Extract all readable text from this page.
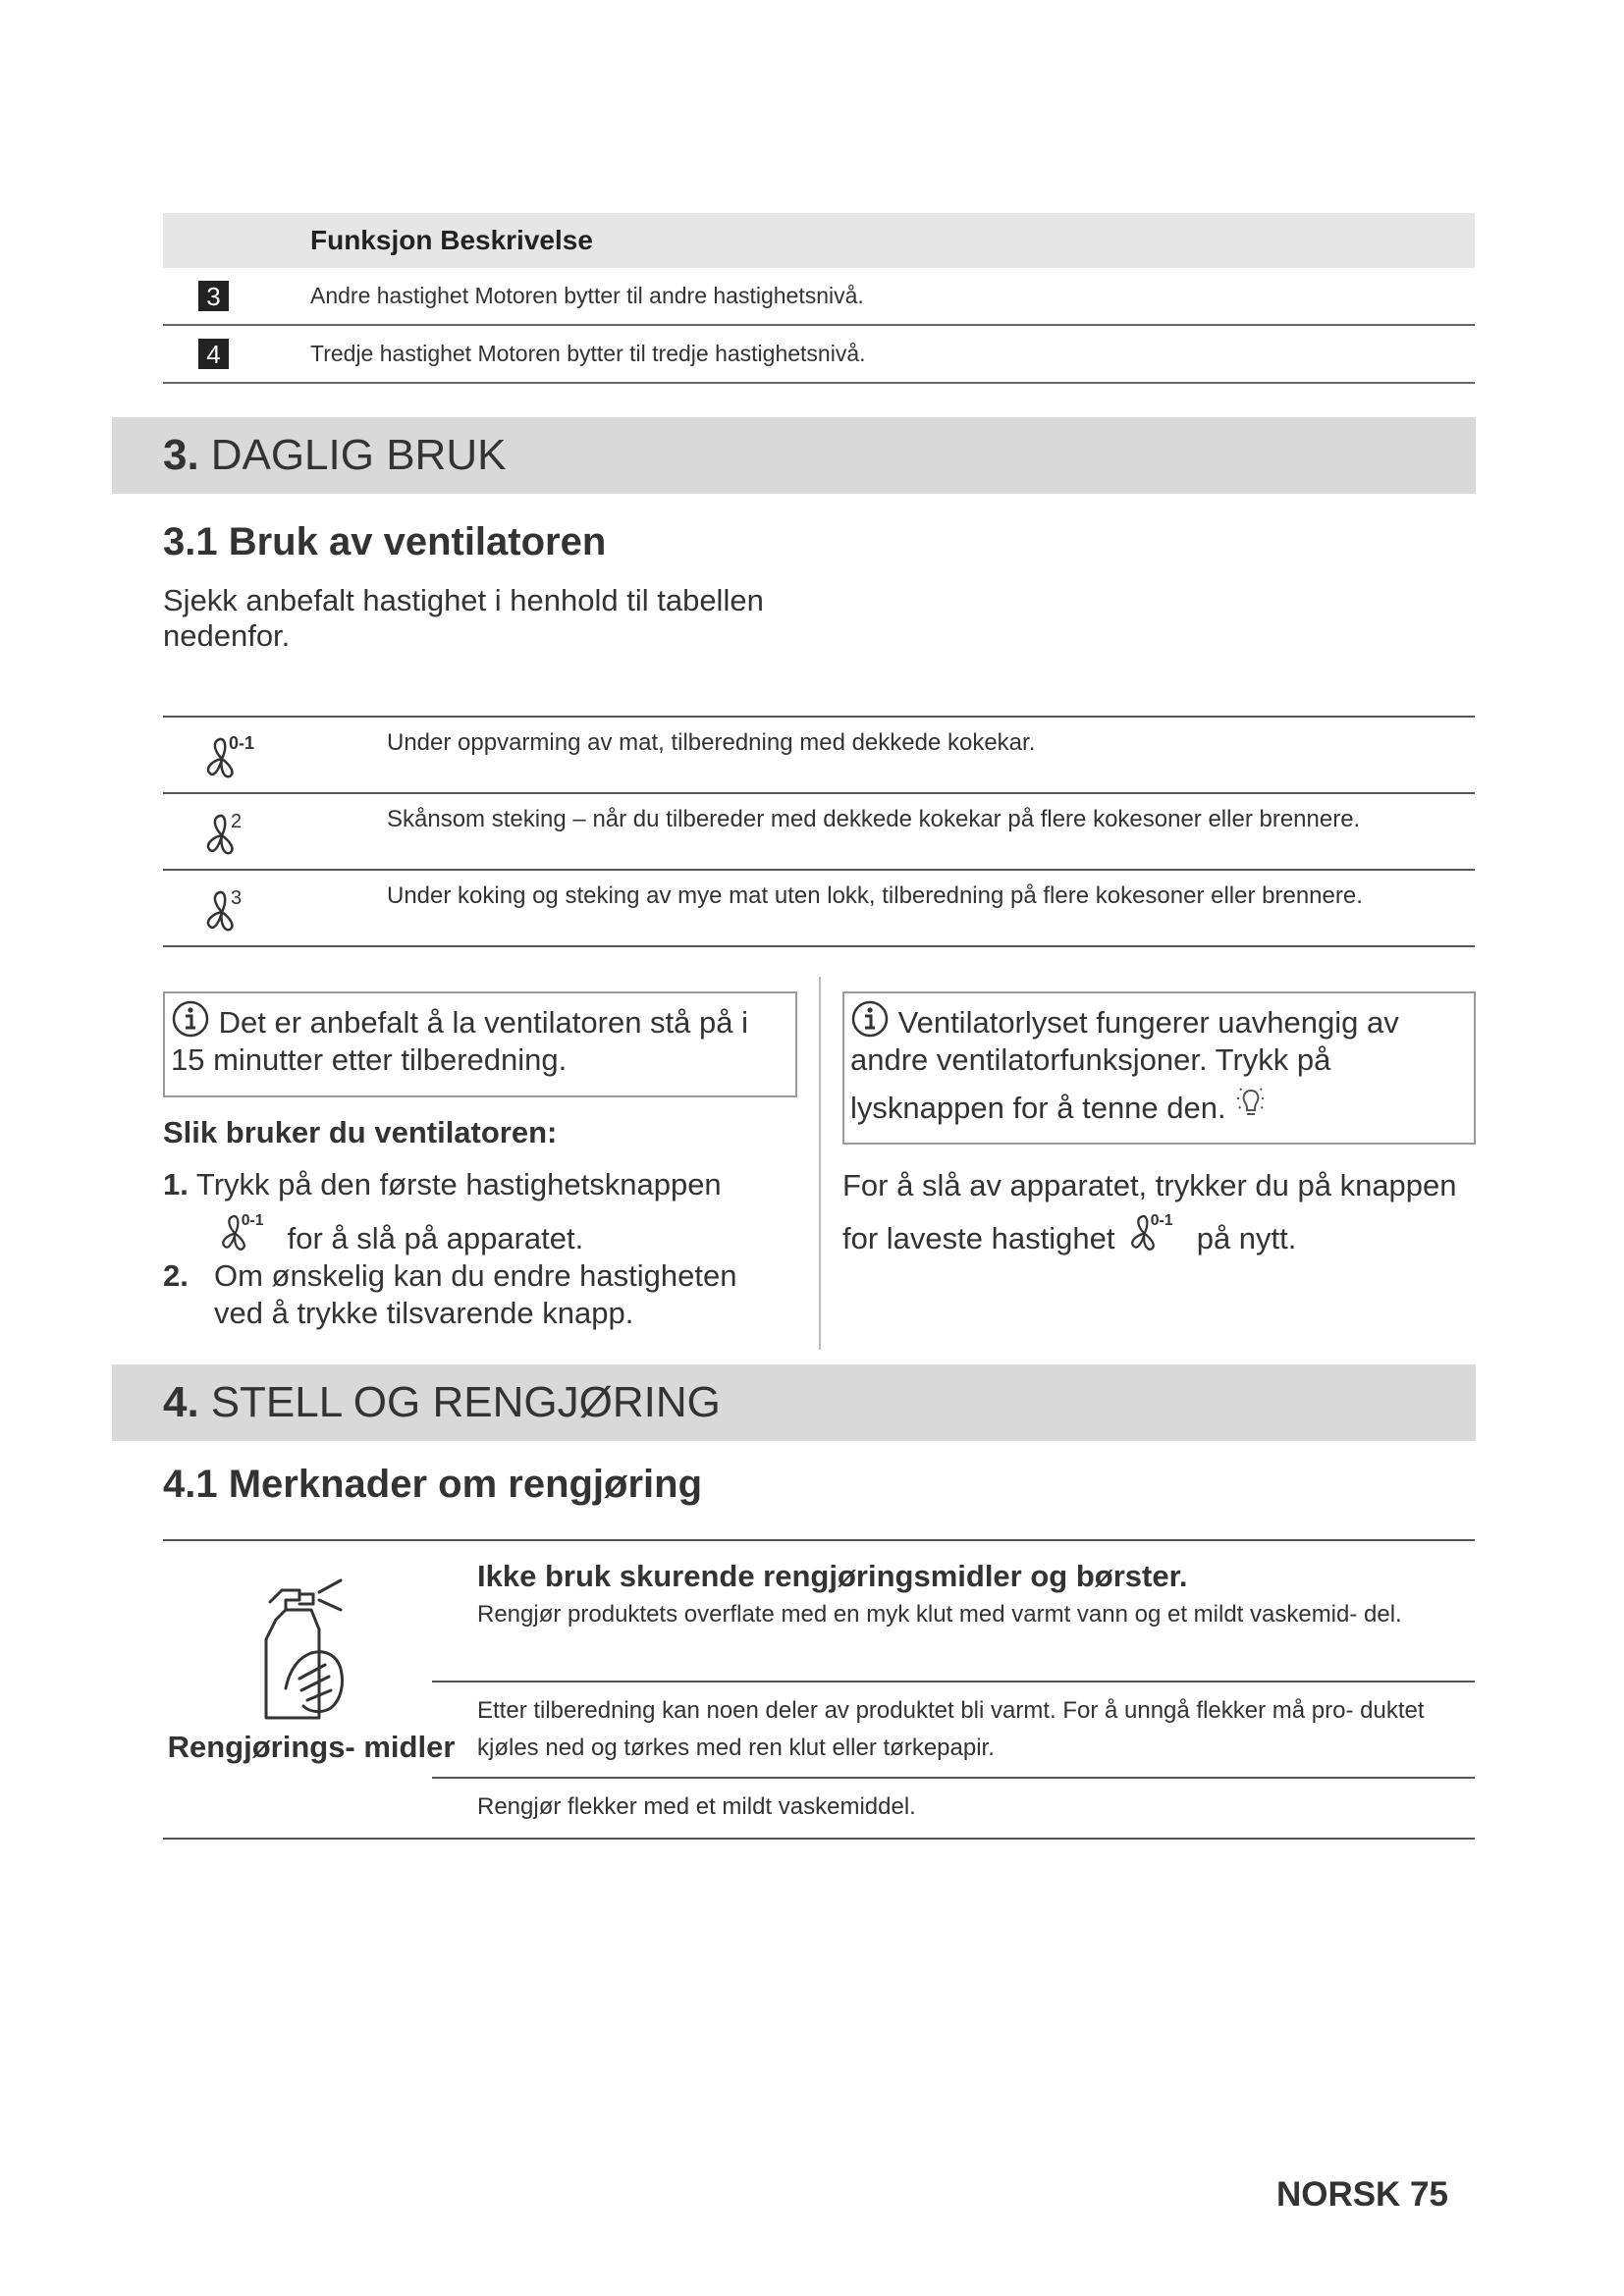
Funksjon Beskrivelse
3	Andre hastighet Motoren bytter til andre hastighetsnivå.
4	Tredje hastighet Motoren bytter til tredje hastighetsnivå.
3. DAGLIG BRUK
3.1 Bruk av ventilatoren
Sjekk anbefalt hastighet i henhold til tabellen nedenfor.
0-1	Under oppvarming av mat, tilberedning med dekkede kokekar.
2	Skånsom steking – når du tilbereder med dekkede kokekar på flere kokesoner eller brennere.
3	Under koking og steking av mye mat uten lokk, tilberedning på flere kokesoner eller brennere.
Det er anbefalt å la ventilatoren stå på i 15 minutter etter tilberedning.
Slik bruker du ventilatoren:
1. Trykk på den første hastighetsknappen
0-1
for å slå på apparatet.
2. Om ønskelig kan du endre hastigheten ved å trykke tilsvarende knapp.
Ventilatorlyset fungerer uavhengig av andre ventilatorfunksjoner. Trykk på
lysknappen for å tenne den.
For å slå av apparatet, trykker du på knappen
for laveste hastighet
0-1
på nytt.
4. STELL OG RENGJØRING
4.1 Merknader om rengjøring
Rengjørings- midler
Ikke bruk skurende rengjøringsmidler og børster.
Rengjør produktets overflate med en myk klut med varmt vann og et mildt vaskemid- del.
Etter tilberedning kan noen deler av produktet bli varmt. For å unngå flekker må pro- duktet kjøles ned og tørkes med ren klut eller tørkepapir.
Rengjør flekker med et mildt vaskemiddel.
NORSK 75
